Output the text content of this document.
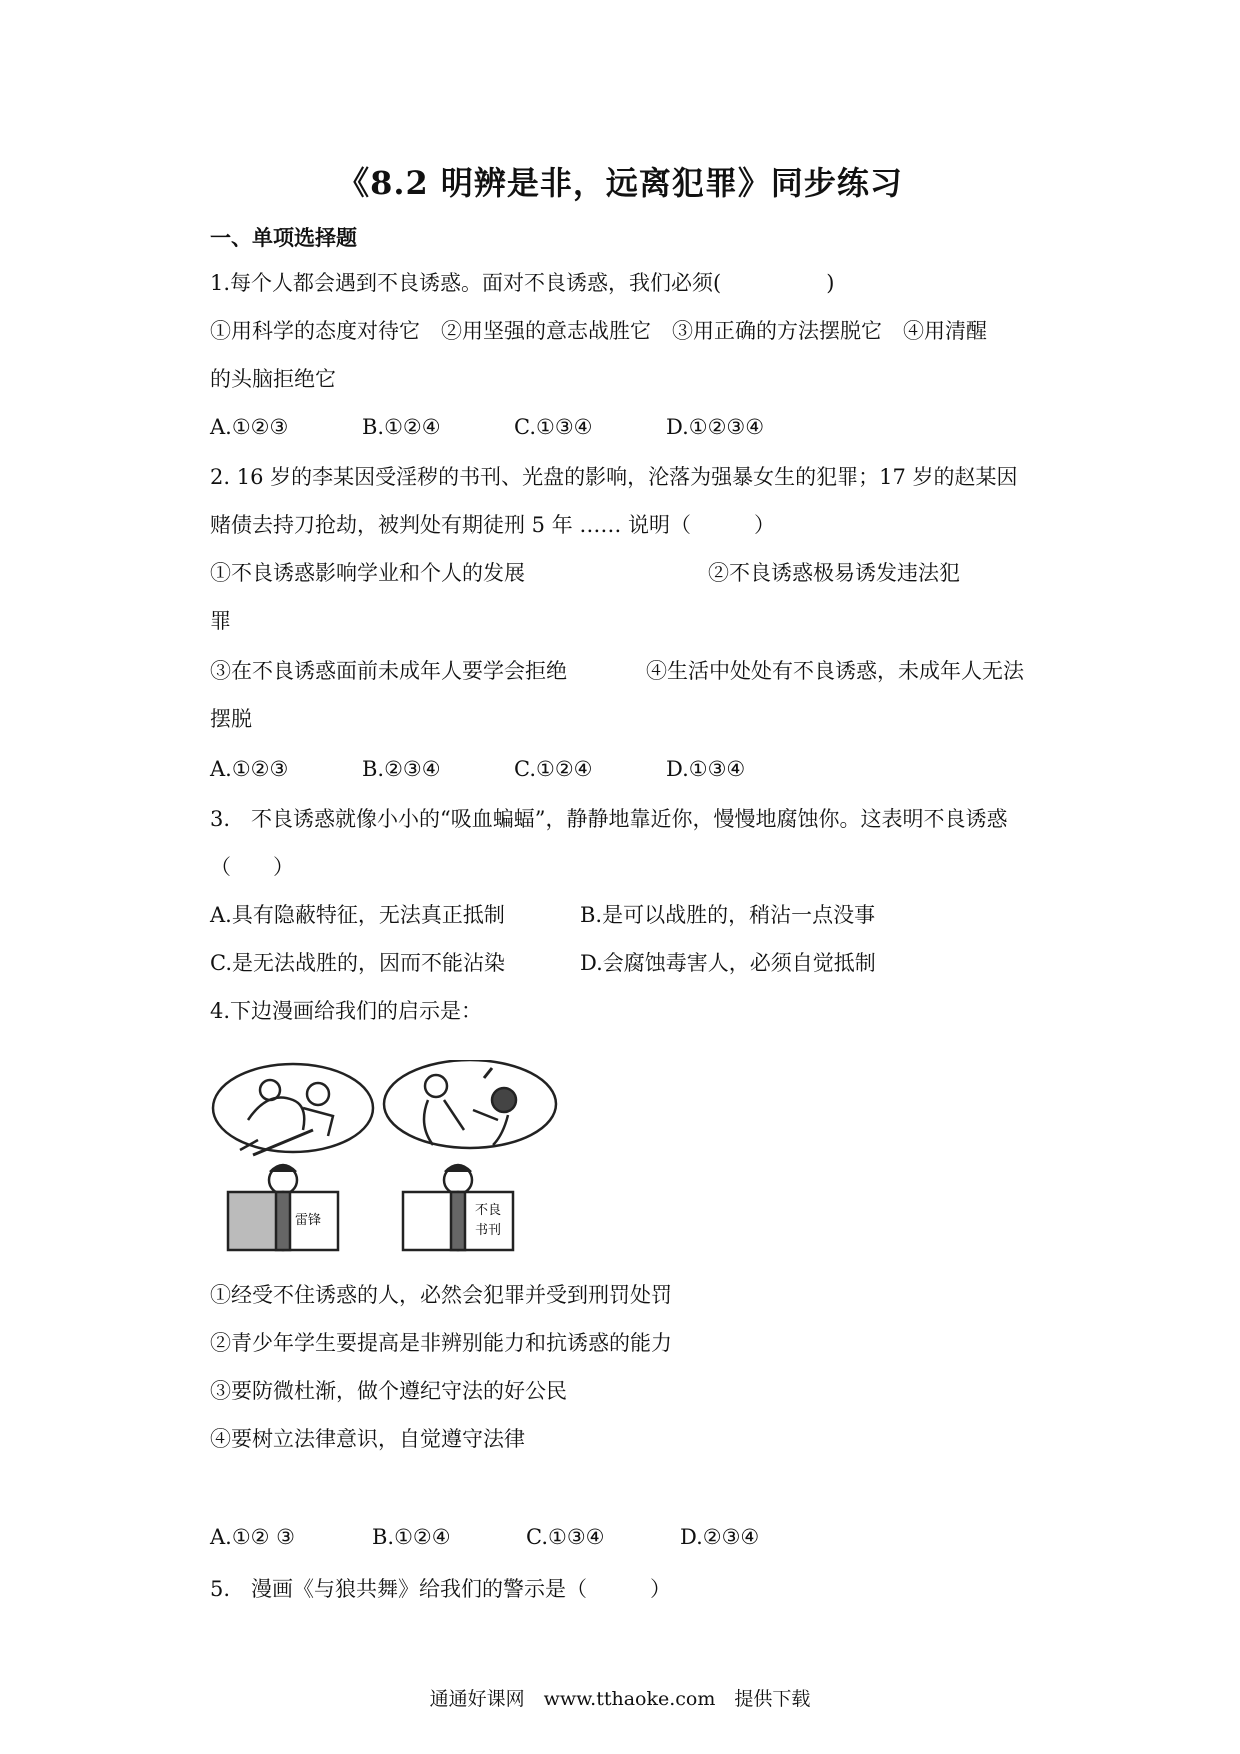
《8.2 明辨是非，远离犯罪》同步练习
一、单项选择题
1.每个人都会遇到不良诱惑。面对不良诱惑，我们必须(　　　　　)
①用科学的态度对待它　②用坚强的意志战胜它　③用正确的方法摆脱它　④用清醒
的头脑拒绝它
A.①②③	B.①②④	C.①③④	D.①②③④
2. 16 岁的李某因受淫秽的书刊、光盘的影响，沦落为强暴女生的犯罪；17 岁的赵某因
赌债去持刀抢劫，被判处有期徒刑 5 年 …… 说明（　　　）
①不良诱惑影响学业和个人的发展	②不良诱惑极易诱发违法犯
罪
③在不良诱惑面前未成年人要学会拒绝	④生活中处处有不良诱惑，未成年人无法
摆脱
A.①②③	B.②③④	C.①②④	D.①③④
3.　不良诱惑就像小小的“吸血蝙蝠”，静静地靠近你，慢慢地腐蚀你。这表明不良诱惑
（　　）
A.具有隐蔽特征，无法真正抵制	B.是可以战胜的，稍沾一点没事
C.是无法战胜的，因而不能沾染	D.会腐蚀毒害人，必须自觉抵制
4.下边漫画给我们的启示是：
雷锋
不良
书刊
①经受不住诱惑的人，必然会犯罪并受到刑罚处罚
②青少年学生要提高是非辨别能力和抗诱惑的能力
③要防微杜渐，做个遵纪守法的好公民
④要树立法律意识，自觉遵守法律
A.①② ③	B.①②④	C.①③④	D.②③④
5.　漫画《与狼共舞》给我们的警示是（　　　）
通通好课网　www.tthaoke.com　提供下载
